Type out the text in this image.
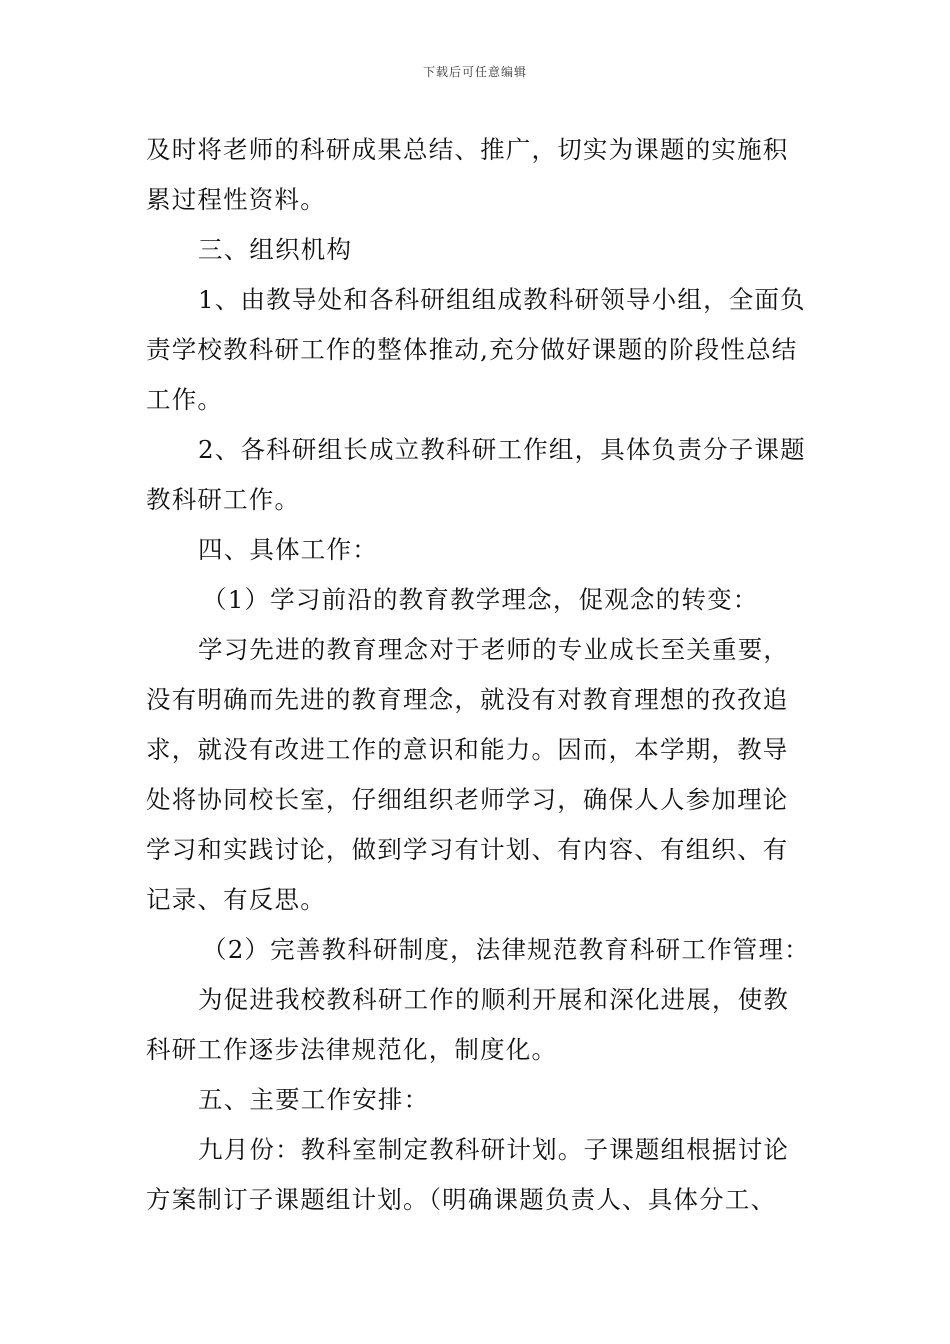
下载后可任意编辑
及时将老师的科研成果总结、推广，切实为课题的实施积
累过程性资料。
三、组织机构
1、由教导处和各科研组组成教科研领导小组，全面负
责学校教科研工作的整体推动,充分做好课题的阶段性总结
工作。
2、各科研组长成立教科研工作组，具体负责分子课题
教科研工作。
四、具体工作：
（1）学习前沿的教育教学理念，促观念的转变：
学习先进的教育理念对于老师的专业成长至关重要，
没有明确而先进的教育理念，就没有对教育理想的孜孜追
求，就没有改进工作的意识和能力。因而，本学期，教导
处将协同校长室，仔细组织老师学习，确保人人参加理论
学习和实践讨论，做到学习有计划、有内容、有组织、有
记录、有反思。
（2）完善教科研制度，法律规范教育科研工作管理：
为促进我校教科研工作的顺利开展和深化进展，使教
科研工作逐步法律规范化，制度化。
五、主要工作安排：
九月份：教科室制定教科研计划。子课题组根据讨论
方案制订子课题组计划。（明确课题负责人、具体分工、
